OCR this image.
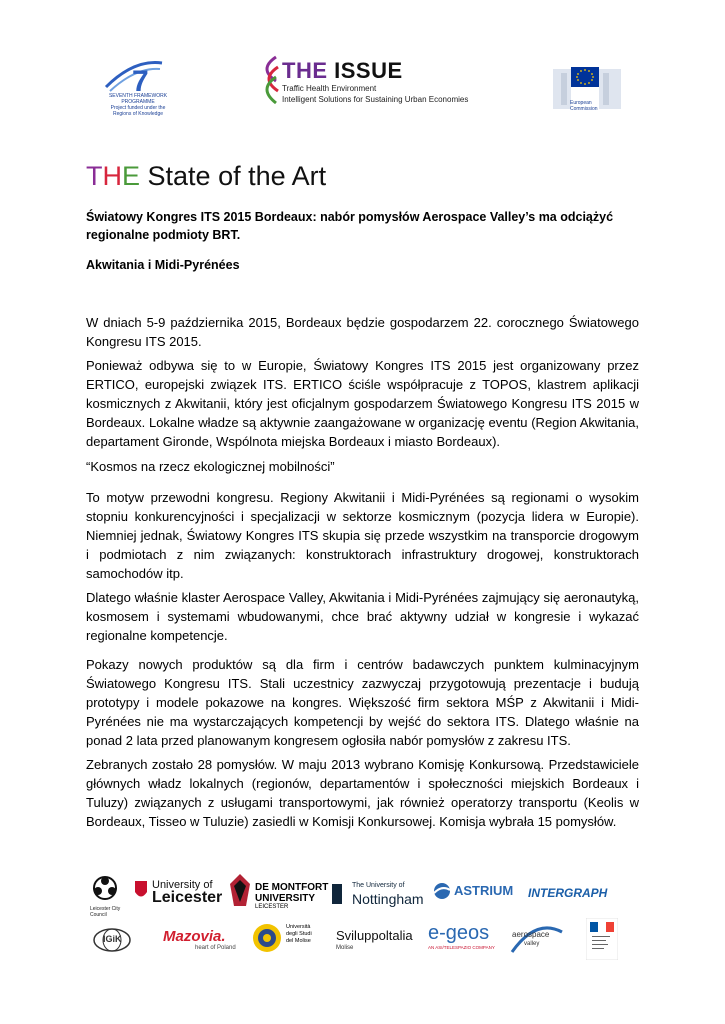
7
SEVENTH FRAMEWORK PROGRAMME
Project funded under the Regions of Knowledge
THE ISSUE
Traffic Health Environment
Intelligent Solutions for Sustaining Urban Economies	European
Commission
THE State of the Art
Światowy Kongres ITS 2015 Bordeaux: nabór pomysłów Aerospace Valley’s ma odciążyć regionalne podmioty BRT.
Akwitania i Midi-Pyrénées
W dniach 5-9 października 2015, Bordeaux będzie gospodarzem 22. corocznego Światowego Kongresu ITS 2015.
Ponieważ odbywa się to w Europie, Światowy Kongres ITS 2015 jest organizowany przez ERTICO, europejski związek ITS. ERTICO ściśle współpracuje z TOPOS, klastrem aplikacji kosmicznych z Akwitanii, który jest oficjalnym gospodarzem Światowego Kongresu ITS 2015 w Bordeaux. Lokalne władze są aktywnie zaangażowane w organizację eventu (Region Akwitania, departament Gironde, Wspólnota miejska Bordeaux i miasto Bordeaux).
“Kosmos na rzecz ekologicznej mobilności”
To motyw przewodni kongresu. Regiony Akwitanii i Midi-Pyrénées są regionami o wysokim stopniu konkurencyjności i specjalizacji w sektorze kosmicznym (pozycja lidera w Europie). Niemniej jednak, Światowy Kongres ITS skupia się przede wszystkim na transporcie drogowym i podmiotach z nim związanych: konstruktorach infrastruktury drogowej, konstruktorach samochodów itp.
Dlatego właśnie klaster Aerospace Valley, Akwitania i Midi-Pyrénées zajmujący się aeronautyką, kosmosem i systemami wbudowanymi, chce brać aktywny udział w kongresie i wykazać regionalne kompetencje.
Pokazy nowych produktów są dla firm i centrów badawczych punktem kulminacyjnym Światowego Kongresu ITS. Stali uczestnicy zazwyczaj przygotowują prezentacje i budują prototypy i modele pokazowe na kongres. Większość firm sektora MŚP z Akwitanii i Midi-Pyrénées nie ma wystarczających kompetencji by wejść do sektora ITS. Dlatego właśnie na ponad 2 lata przed planowanym kongresem ogłosiła nabór pomysłów z zakresu ITS.
Zebranych zostało 28 pomysłów. W maju 2013 wybrano Komisję Konkursową. Przedstawiciele głównych władz lokalnych (regionów, departamentów i społeczności miejskich Bordeaux i Tuluzy) związanych z usługami transportowymi, jak również operatorzy transportu (Keolis w Bordeaux, Tisseo w Tuluzie) zasiedli w Komisji Konkursowej. Komisja wybrała 15 pomysłów.
Leicester City Council
University of
Leicester
DE MONTFORT
UNIVERSITY
LEICESTER
The University of
Nottingham
ASTRIUM INTERGRAPH
IGiK	Mazovia.
heart of Poland
Università
degli Studi
del Molise Sviluppoltalia
Molise
e-geos
AN ASI/TELESPAZIO COMPANY
aerospace
valley
